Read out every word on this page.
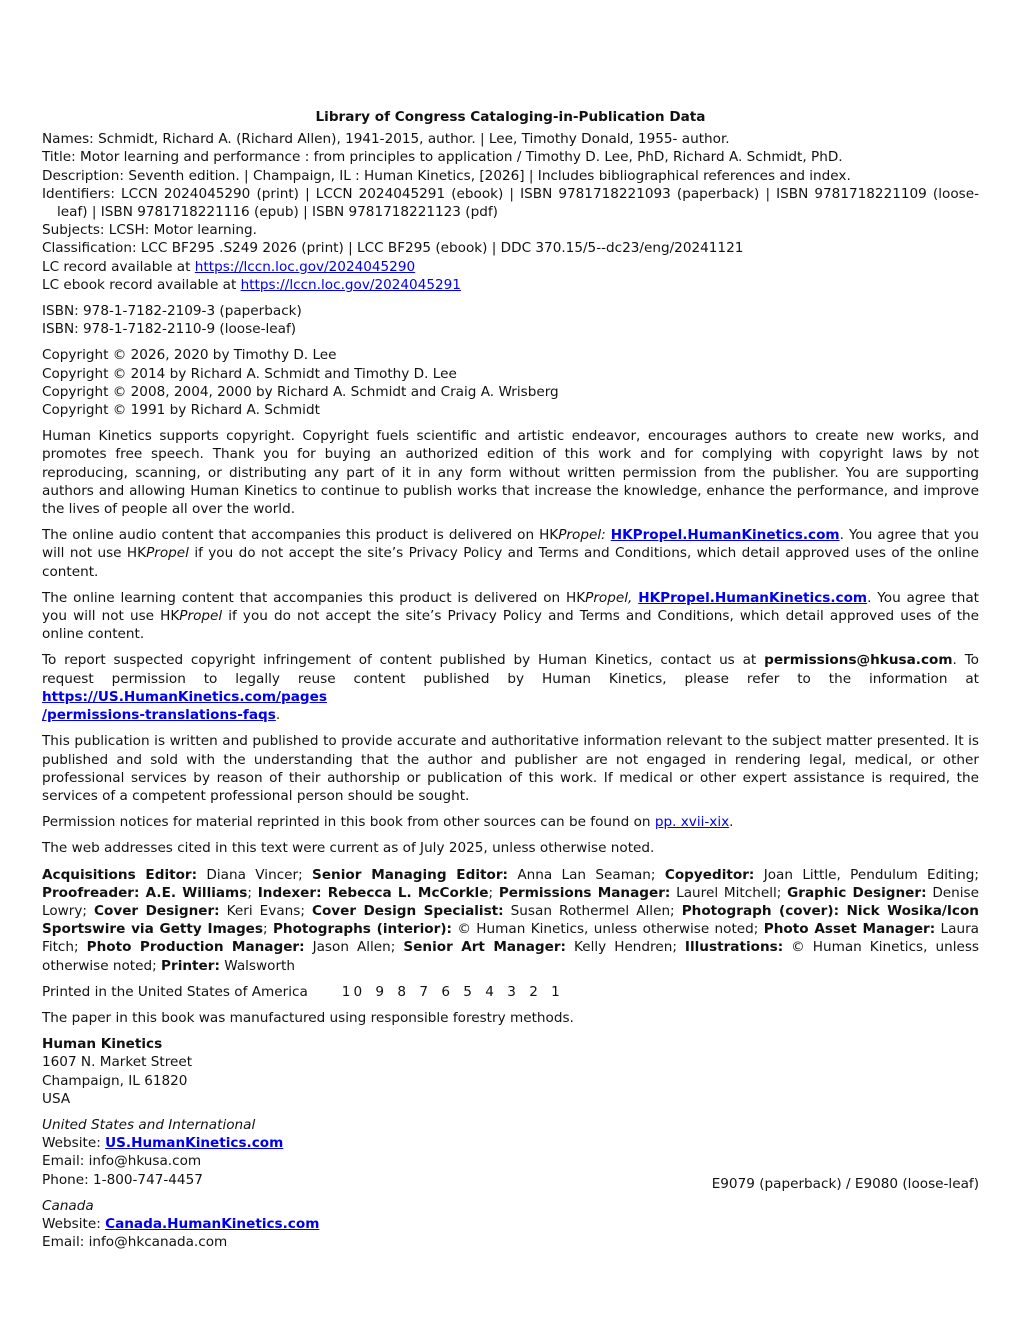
Library of Congress Cataloging-in-Publication Data
Names: Schmidt, Richard A. (Richard Allen), 1941-2015, author. | Lee, Timothy Donald, 1955- author.
Title: Motor learning and performance : from principles to application / Timothy D. Lee, PhD, Richard A. Schmidt, PhD.
Description: Seventh edition. | Champaign, IL : Human Kinetics, [2026] | Includes bibliographical references and index.
Identifiers: LCCN 2024045290 (print) | LCCN 2024045291 (ebook) | ISBN 9781718221093 (paperback) | ISBN 9781718221109 (loose-leaf) | ISBN 9781718221116 (epub) | ISBN 9781718221123 (pdf)
Subjects: LCSH: Motor learning.
Classification: LCC BF295 .S249 2026 (print) | LCC BF295 (ebook) | DDC 370.15/5--dc23/eng/20241121
LC record available at https://lccn.loc.gov/2024045290
LC ebook record available at https://lccn.loc.gov/2024045291
ISBN: 978-1-7182-2109-3 (paperback)
ISBN: 978-1-7182-2110-9 (loose-leaf)
Copyright © 2026, 2020 by Timothy D. Lee
Copyright © 2014 by Richard A. Schmidt and Timothy D. Lee
Copyright © 2008, 2004, 2000 by Richard A. Schmidt and Craig A. Wrisberg
Copyright © 1991 by Richard A. Schmidt
Human Kinetics supports copyright. Copyright fuels scientific and artistic endeavor, encourages authors to create new works, and promotes free speech. Thank you for buying an authorized edition of this work and for complying with copyright laws by not reproducing, scanning, or distributing any part of it in any form without written permission from the publisher. You are supporting authors and allowing Human Kinetics to continue to publish works that increase the knowledge, enhance the performance, and improve the lives of people all over the world.
The online audio content that accompanies this product is delivered on HKPropel: HKPropel.HumanKinetics.com. You agree that you will not use HKPropel if you do not accept the site’s Privacy Policy and Terms and Conditions, which detail approved uses of the online content.
The online learning content that accompanies this product is delivered on HKPropel, HKPropel.HumanKinetics.com. You agree that you will not use HKPropel if you do not accept the site’s Privacy Policy and Terms and Conditions, which detail approved uses of the online content.
To report suspected copyright infringement of content published by Human Kinetics, contact us at permissions@hkusa.com. To request permission to legally reuse content published by Human Kinetics, please refer to the information at https://US.HumanKinetics.com/pages
/permissions-translations-faqs.
This publication is written and published to provide accurate and authoritative information relevant to the subject matter presented. It is published and sold with the understanding that the author and publisher are not engaged in rendering legal, medical, or other professional services by reason of their authorship or publication of this work. If medical or other expert assistance is required, the services of a competent professional person should be sought.
Permission notices for material reprinted in this book from other sources can be found on pp. xvii-xix.
The web addresses cited in this text were current as of July 2025, unless otherwise noted.
Acquisitions Editor: Diana Vincer; Senior Managing Editor: Anna Lan Seaman; Copyeditor: Joan Little, Pendulum Editing; Proofreader: A.E. Williams; Indexer: Rebecca L. McCorkle; Permissions Manager: Laurel Mitchell; Graphic Designer: Denise Lowry; Cover Designer: Keri Evans; Cover Design Specialist: Susan Rothermel Allen; Photograph (cover): Nick Wosika/Icon Sportswire via Getty Images; Photographs (interior): © Human Kinetics, unless otherwise noted; Photo Asset Manager: Laura Fitch; Photo Production Manager: Jason Allen; Senior Art Manager: Kelly Hendren; Illustrations: © Human Kinetics, unless otherwise noted; Printer: Walsworth
Printed in the United States of America	10 9 8 7 6 5 4 3 2 1
The paper in this book was manufactured using responsible forestry methods.
Human Kinetics
1607 N. Market Street
Champaign, IL 61820
USA
United States and International
Website: US.HumanKinetics.com
Email: info@hkusa.com
Phone: 1-800-747-4457
Canada
Website: Canada.HumanKinetics.com
Email: info@hkcanada.com
E9079 (paperback) / E9080 (loose-leaf)
